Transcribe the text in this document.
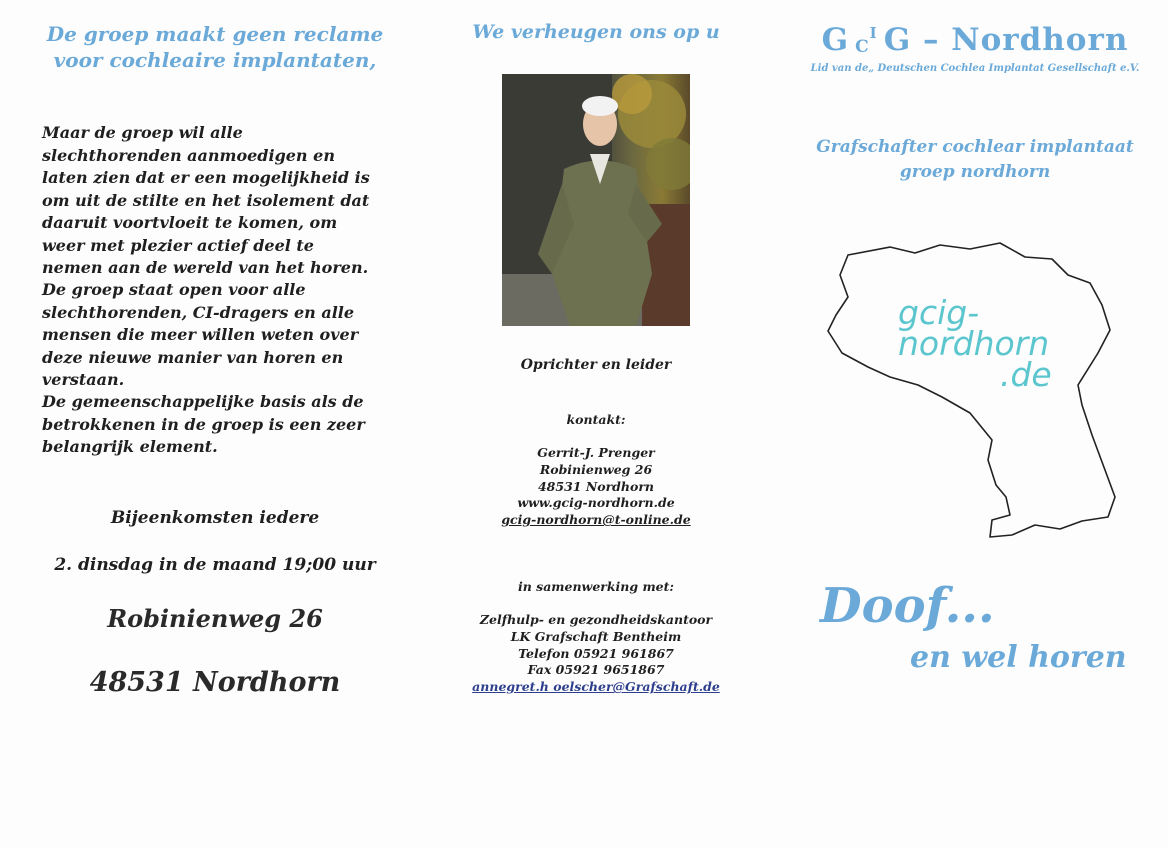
De groep maakt geen reclame
voor cochleaire implantaten,
Maar de groep wil alle slechthorenden aanmoedigen en laten zien dat er een mogelijkheid is om uit de stilte en het isolement dat daaruit voortvloeit te komen, om weer met plezier actief deel te nemen aan de wereld van het horen.
De groep staat open voor alle slechthorenden, CI-dragers en alle mensen die meer willen weten over deze nieuwe manier van horen en verstaan.
De gemeenschappelijke basis als de betrokkenen in de groep is een zeer belangrijk element.
Bijeenkomsten iedere
2. dinsdag in de maand 19;00 uur
Robinienweg 26
48531 Nordhorn
We verheugen ons op u
Oprichter en leider
kontakt:
Gerrit-J. Prenger
Robinienweg 26
48531 Nordhorn
www.gcig-nordhorn.de
gcig-nordhorn@t-online.de
in samenwerking met:
Zelfhulp- en gezondheidskantoor
LK Grafschaft Bentheim
Telefon 05921 961867
Fax 05921 9651867
annegret.h oelscher@Grafschaft.de
G $C^I$ G – Nordhorn
Lid van de„ Deutschen Cochlea Implantat Gesellschaft e.V.
Grafschafter cochlear implantaat
groep nordhorn
gcig-
nordhorn
.de
Doof...
en wel horen
